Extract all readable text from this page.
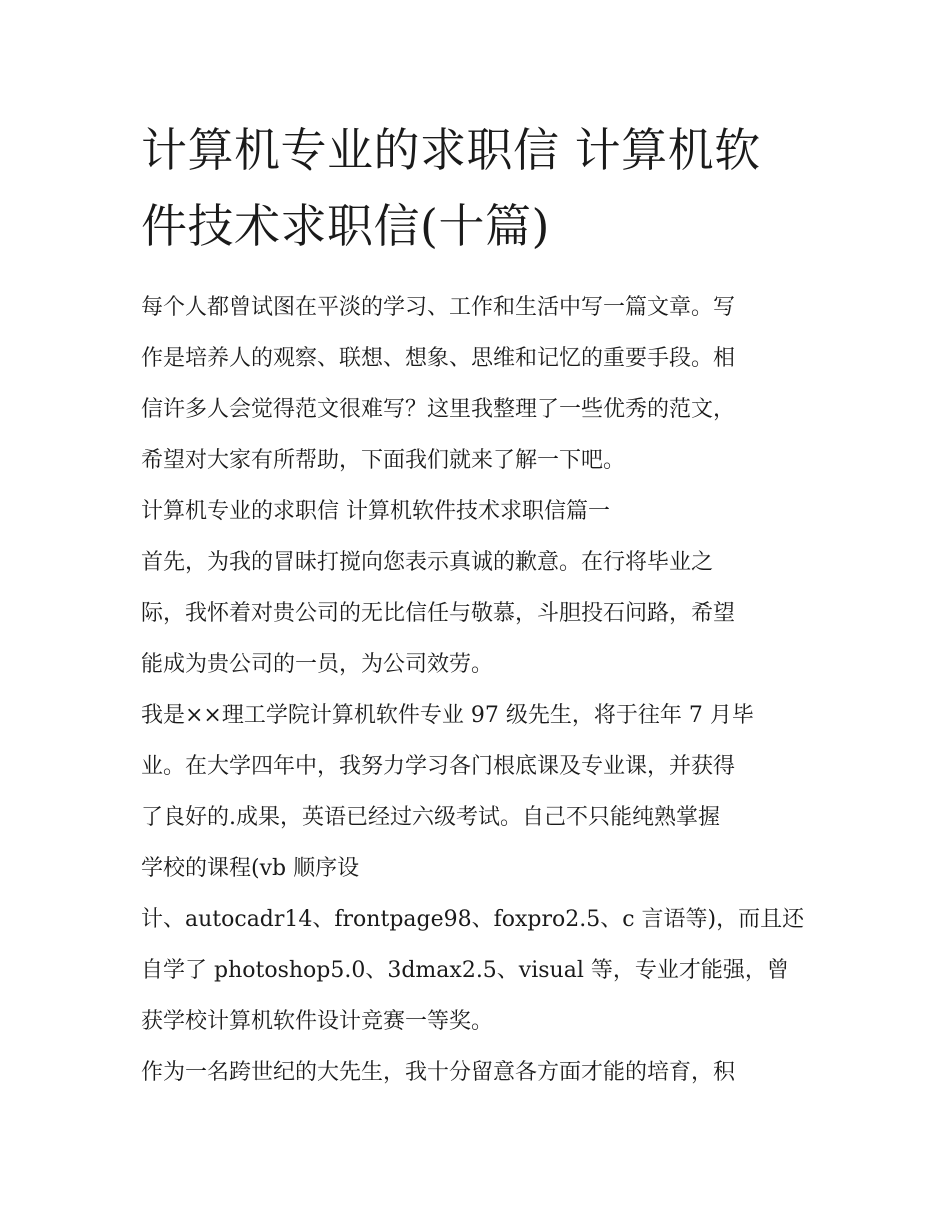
计算机专业的求职信 计算机软
件技术求职信(十篇)

每个人都曾试图在平淡的学习、工作和生活中写一篇文章。写

作是培养人的观察、联想、想象、思维和记忆的重要手段。相

信许多人会觉得范文很难写？这里我整理了一些优秀的范文，

希望对大家有所帮助，下面我们就来了解一下吧。

计算机专业的求职信 计算机软件技术求职信篇一

首先，为我的冒昧打搅向您表示真诚的歉意。在行将毕业之

际，我怀着对贵公司的无比信任与敬慕，斗胆投石问路，希望

能成为贵公司的一员，为公司效劳。

我是××理工学院计算机软件专业 97 级先生，将于往年 7 月毕

业。在大学四年中，我努力学习各门根底课及专业课，并获得

了良好的.成果，英语已经过六级考试。自己不只能纯熟掌握

学校的课程(vb 顺序设

计、autocadr14、frontpage98、foxpro2.5、c 言语等)，而且还

自学了 photoshop5.0、3dmax2.5、visual 等，专业才能强，曾

获学校计算机软件设计竞赛一等奖。

作为一名跨世纪的大先生，我十分留意各方面才能的培育，积
